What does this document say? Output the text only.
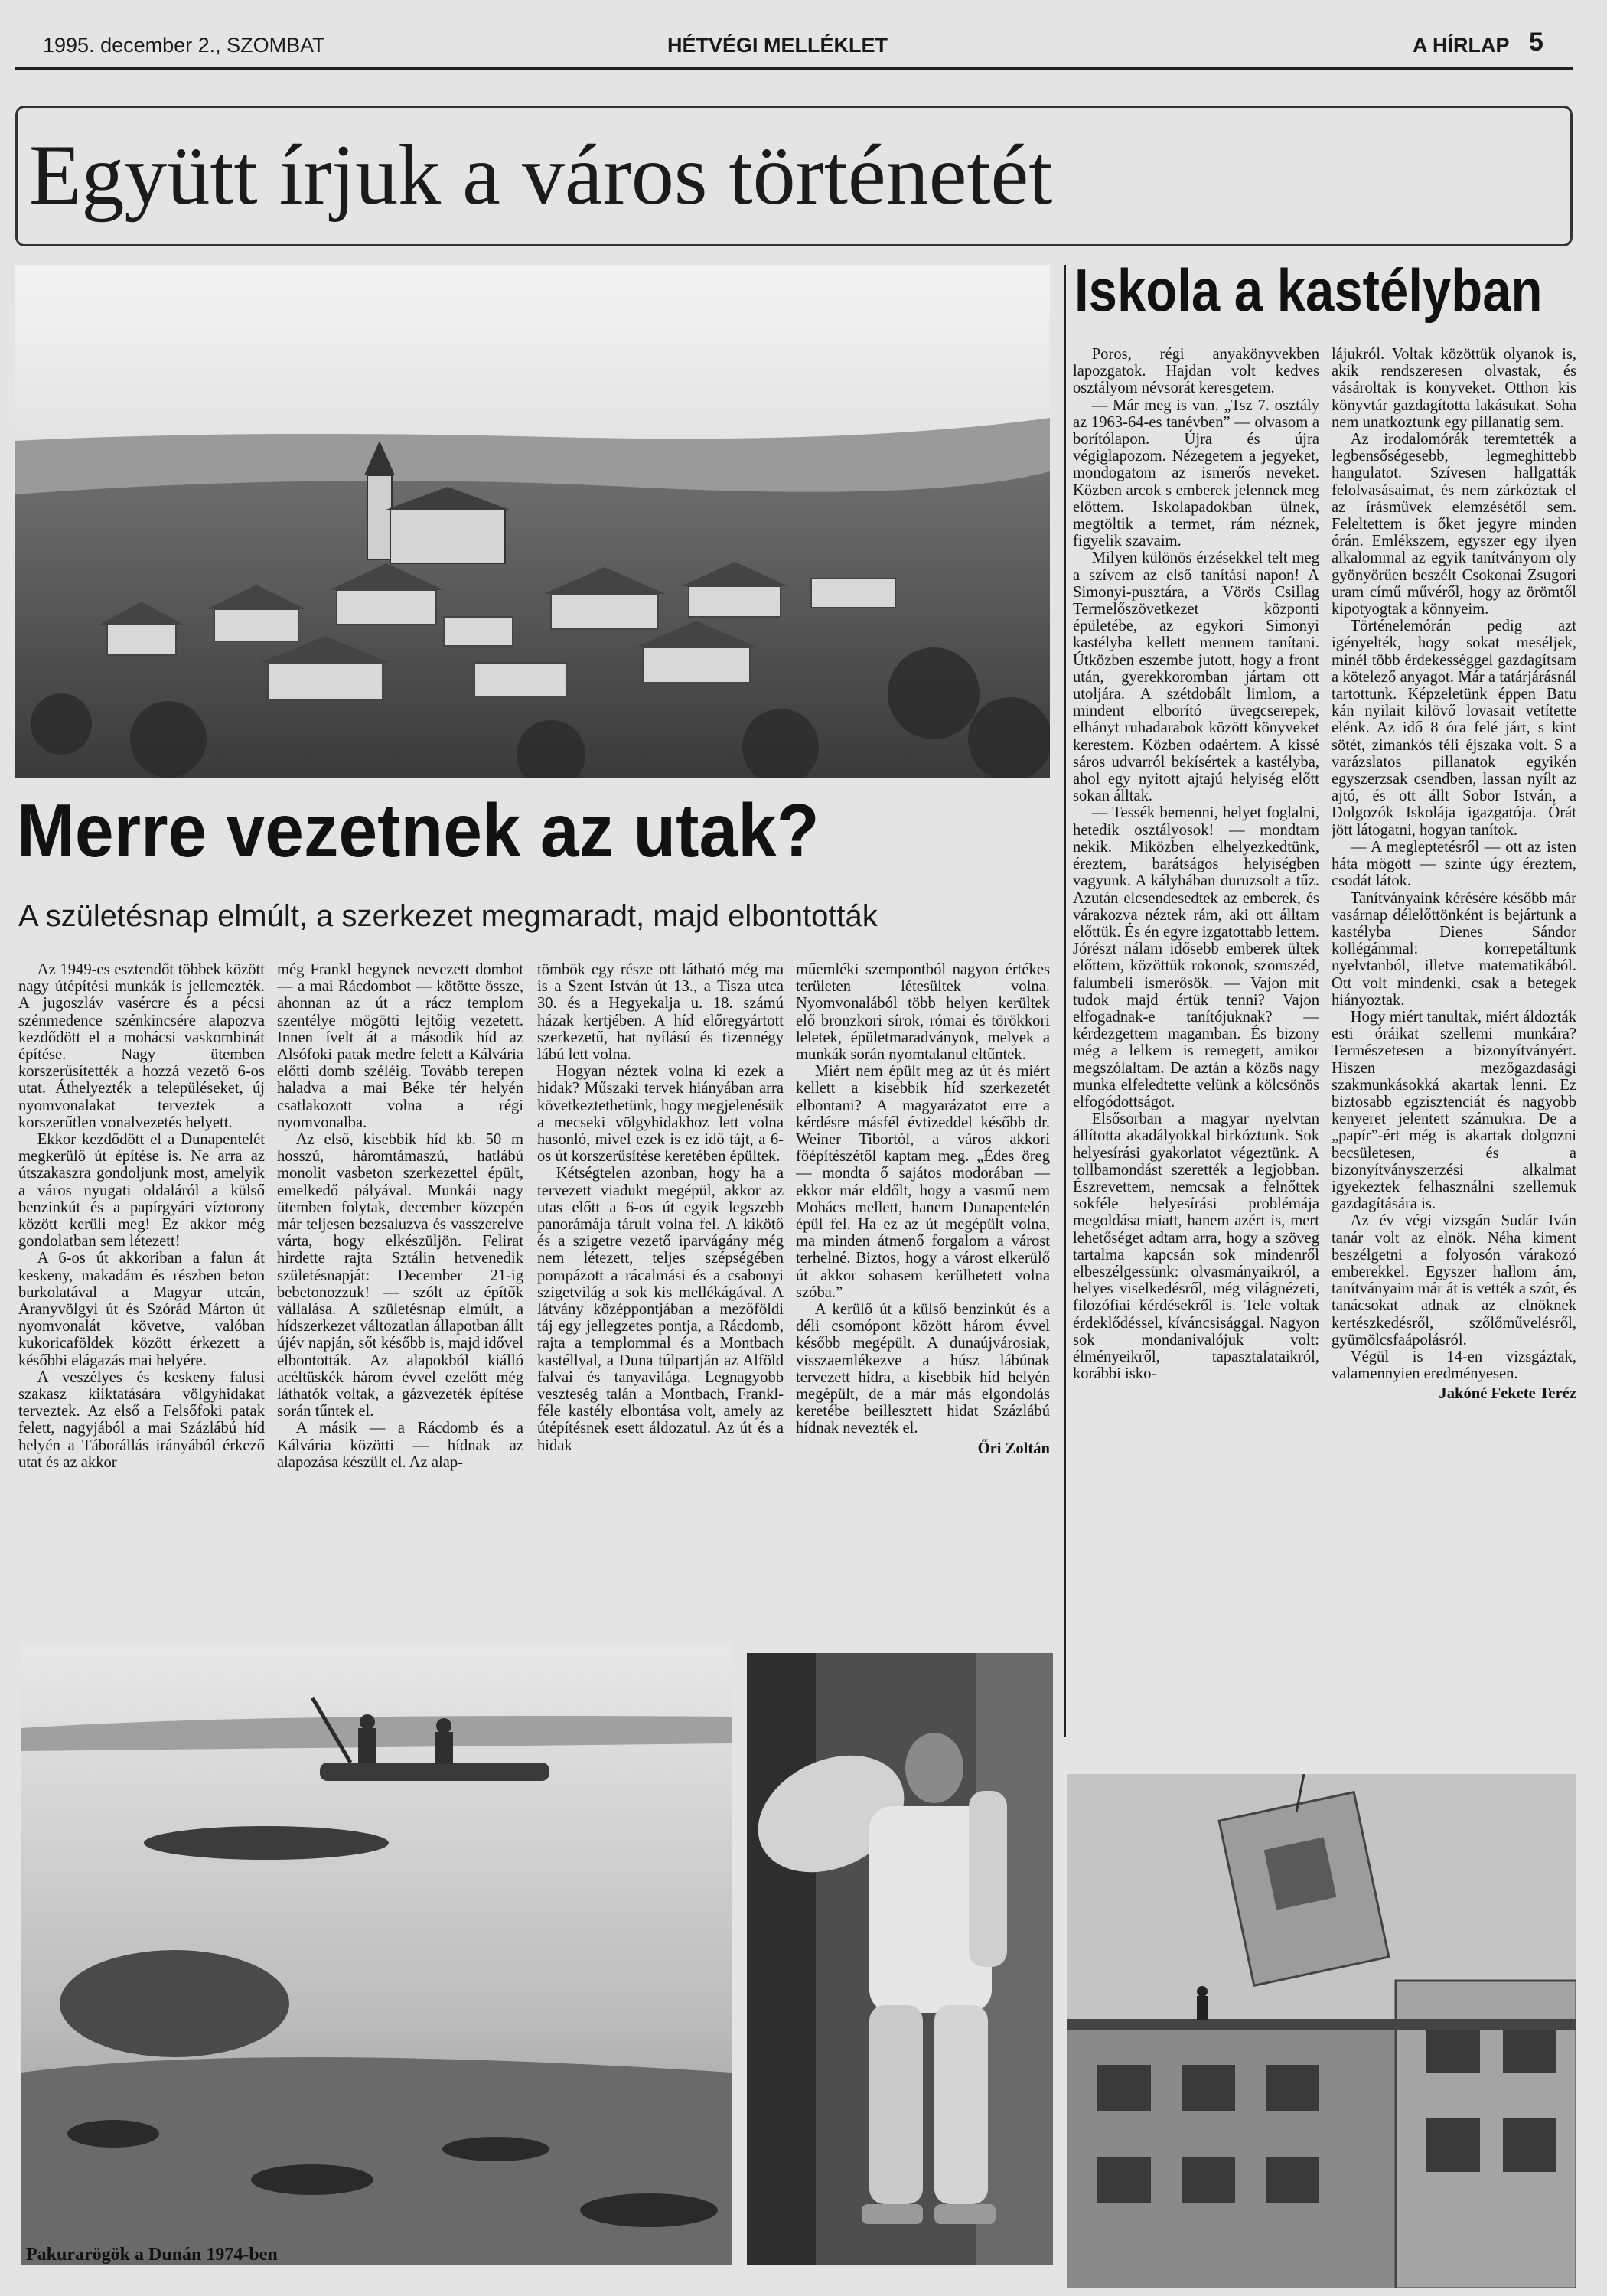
1995. december 2., SZOMBAT	HÉTVÉGI MELLÉKLET	A HÍRLAP 5
Együtt írjuk a város történetét
Merre vezetnek az utak?
A születésnap elmúlt, a szerkezet megmaradt, majd elbontották

Az 1949-es esztendőt többek között nagy útépítési munkák is jellemezték. A jugoszláv vasércre és a pécsi szénmedence szénkincsére alapozva kezdődött el a mohácsi vaskombinát építése. Nagy ütemben korszerűsítették a hozzá vezető 6-os utat. Áthelyezték a településeket, új nyomvonalakat terveztek a korszerűtlen vonalvezetés helyett.

Ekkor kezdődött el a Dunapentelét megkerülő út építése is. Ne arra az útszakaszra gondoljunk most, amelyik a város nyugati oldaláról a külső benzinkút és a papírgyári víztorony között kerüli meg! Ez akkor még gondolatban sem létezett!

A 6-os út akkoriban a falun át keskeny, makadám és részben beton burkolatával a Magyar utcán, Aranyvölgyi út és Szórád Márton út nyomvonalát követve, valóban kukoricaföldek között érkezett a későbbi elágazás mai helyére.

A veszélyes és keskeny falusi szakasz kiiktatására völgyhidakat terveztek. Az első a Felsőfoki patak felett, nagyjából a mai Százlábú híd helyén a Táborállás irányából érkező utat és az akkor

még Frankl hegynek nevezett dombot — a mai Rácdombot — kötötte össze, ahonnan az út a rácz templom szentélye mögötti lejtőig vezetett. Innen ívelt át a második híd az Alsófoki patak medre felett a Kálvária előtti domb széléig. Tovább terepen haladva a mai Béke tér helyén csatlakozott volna a régi nyomvonalba.

Az első, kisebbik híd kb. 50 m hosszú, háromtámaszú, hatlábú monolit vasbeton szerkezettel épült, emelkedő pályával. Munkái nagy ütemben folytak, december közepén már teljesen bezsaluzva és vasszerelve várta, hogy elkészüljön. Felirat hirdette rajta Sztálin hetvenedik születésnapját: December 21-ig bebetonozzuk! — szólt az építők vállalása. A születésnap elmúlt, a hídszerkezet változatlan állapotban állt újév napján, sőt később is, majd idővel elbontották. Az alapokból kiálló acéltüskék három évvel ezelőtt még láthatók voltak, a gázvezeték építése során tűntek el.

A másik — a Rácdomb és a Kálvária közötti — hídnak az alapozása készült el. Az alap-

tömbök egy része ott látható még ma is a Szent István út 13., a Tisza utca 30. és a Hegyekalja u. 18. számú házak kertjében. A híd előregyártott szerkezetű, hat nyílású és tizennégy lábú lett volna.

Hogyan néztek volna ki ezek a hidak? Műszaki tervek hiányában arra következtethetünk, hogy megjelenésük a mecseki völgyhidakhoz lett volna hasonló, mivel ezek is ez idő tájt, a 6-os út korszerűsítése keretében épültek.

Kétségtelen azonban, hogy ha a tervezett viadukt megépül, akkor az utas előtt a 6-os út egyik legszebb panorámája tárult volna fel. A kikötő és a szigetre vezető iparvágány még nem létezett, teljes szépségében pompázott a rácalmási és a csabonyi szigetvilág a sok kis mellékágával. A látvány középpontjában a mezőföldi táj egy jellegzetes pontja, a Rácdomb, rajta a templommal és a Montbach kastéllyal, a Duna túlpartján az Alföld falvai és tanyavilága. Legnagyobb veszteség talán a Montbach, Frankl-féle kastély elbontása volt, amely az útépítésnek esett áldozatul. Az út és a hidak

műemléki szempontból nagyon értékes területen létesültek volna. Nyomvonalából több helyen kerültek elő bronzkori sírok, római és törökkori leletek, épületmaradványok, melyek a munkák során nyomtalanul eltűntek.

Miért nem épült meg az út és miért kellett a kisebbik híd szerkezetét elbontani? A magyarázatot erre a kérdésre másfél évtizeddel később dr. Weiner Tibortól, a város akkori főépítészétől kaptam meg. „Édes öreg — mondta ő sajátos modorában — ekkor már eldőlt, hogy a vasmű nem Mohács mellett, hanem Dunapentelén épül fel. Ha ez az út megépült volna, ma minden átmenő forgalom a várost terhelné. Biztos, hogy a várost elkerülő út akkor sohasem kerülhetett volna szóba.”

A kerülő út a külső benzinkút és a déli csomópont között három évvel később megépült. A dunaújvárosiak, visszaemlékezve a húsz lábúnak tervezett hídra, a kisebbik híd helyén megépült, de a már más elgondolás keretébe beillesztett hidat Százlábú hídnak nevezték el.

Őri Zoltán

Iskola a kastélyban

Poros, régi anyakönyvekben lapozgatok. Hajdan volt kedves osztályom névsorát keresgetem.

— Már meg is van. „Tsz 7. osztály az 1963-64-es tanévben” — olvasom a borítólapon. Újra és újra végiglapozom. Nézegetem a jegyeket, mondogatom az ismerős neveket. Közben arcok s emberek jelennek meg előttem. Iskolapadokban ülnek, megtöltik a termet, rám néznek, figyelik szavaim.

Milyen különös érzésekkel telt meg a szívem az első tanítási napon! A Simonyi-pusztára, a Vörös Csillag Termelőszövetkezet központi épületébe, az egykori Simonyi kastélyba kellett mennem tanítani. Útközben eszembe jutott, hogy a front után, gyerekkoromban jártam ott utoljára. A szétdobált limlom, a mindent elborító üvegcserepek, elhányt ruhadarabok között könyveket kerestem. Közben odaértem. A kissé sáros udvarról bekísértek a kastélyba, ahol egy nyitott ajtajú helyiség előtt sokan álltak.

— Tessék bemenni, helyet foglalni, hetedik osztályosok! — mondtam nekik. Miközben elhelyezkedtünk, éreztem, barátságos helyiségben vagyunk. A kályhában duruzsolt a tűz. Azután elcsendesedtek az emberek, és várakozva néztek rám, aki ott álltam előttük. És én egyre izgatottabb lettem. Jórészt nálam idősebb emberek ültek előttem, közöttük rokonok, szomszéd, falumbeli ismerősök. — Vajon mit tudok majd értük tenni? Vajon elfogadnak-e tanítójuknak? — kérdezgettem magamban. És bizony még a lelkem is remegett, amikor megszólaltam. De aztán a közös nagy munka elfeledtette velünk a kölcsönös elfogódottságot.

Elsősorban a magyar nyelvtan állította akadályokkal birkóztunk. Sok helyesírási gyakorlatot végeztünk. A tollbamondást szerették a legjobban. Észrevettem, nemcsak a felnőttek sokféle helyesírási problémája megoldása miatt, hanem azért is, mert lehetőséget adtam arra, hogy a szöveg tartalma kapcsán sok mindenről elbeszélgessünk: olvasmányaikról, a helyes viselkedésről, még világnézeti, filozófiai kérdésekről is. Tele voltak érdeklődéssel, kíváncsisággal. Nagyon sok mondanivalójuk volt: élményeikről, tapasztalataikról, korábbi isko-

lájukról. Voltak közöttük olyanok is, akik rendszeresen olvastak, és vásároltak is könyveket. Otthon kis könyvtár gazdagította lakásukat. Soha nem unatkoztunk egy pillanatig sem.

Az irodalomórák teremtették a legbensőségesebb, legmeghittebb hangulatot. Szívesen hallgatták felolvasásaimat, és nem zárkóztak el az írásművek elemzésétől sem. Feleltettem is őket jegyre minden órán. Emlékszem, egyszer egy ilyen alkalommal az egyik tanítványom oly gyönyörűen beszélt Csokonai Zsugori uram című művéről, hogy az örömtől kipotyogtak a könnyeim.

Történelemórán pedig azt igényelték, hogy sokat meséljek, minél több érdekességgel gazdagítsam a kötelező anyagot. Már a tatárjárásnál tartottunk. Képzeletünk éppen Batu kán nyilait kilövő lovasait vetítette elénk. Az idő 8 óra felé járt, s kint sötét, zimankós téli éjszaka volt. S a varázslatos pillanatok egyikén egyszerzsak csendben, lassan nyílt az ajtó, és ott állt Sobor István, a Dolgozók Iskolája igazgatója. Órát jött látogatni, hogyan tanítok.

— A megleptetésről — ott az isten háta mögött — szinte úgy éreztem, csodát látok.

Tanítványaink kérésére később már vasárnap délelőttönként is bejártunk a kastélyba Dienes Sándor kollégámmal: korrepetáltunk nyelvtanból, illetve matematikából. Ott volt mindenki, csak a betegek hiányoztak.

Hogy miért tanultak, miért áldozták esti óráikat szellemi munkára? Természetesen a bizonyítványért. Hiszen mezőgazdasági szakmunkásokká akartak lenni. Ez biztosabb egzisztenciát és nagyobb kenyeret jelentett számukra. De a „papír”-ért még is akartak dolgozni becsületesen, és a bizonyítványszerzési alkalmat igyekeztek felhasználni szellemük gazdagítására is.

Az év végi vizsgán Sudár Iván tanár volt az elnök. Néha kiment beszélgetni a folyosón várakozó emberekkel. Egyszer hallom ám, tanítványaim már át is vették a szót, és tanácsokat adnak az elnöknek kertészkedésről, szőlőművelésről, gyümölcsfaápolásról.

Végül is 14-en vizsgáztak, valamennyien eredményesen.

Jakóné Fekete Teréz

Pakurarögök a Dunán 1974-ben
